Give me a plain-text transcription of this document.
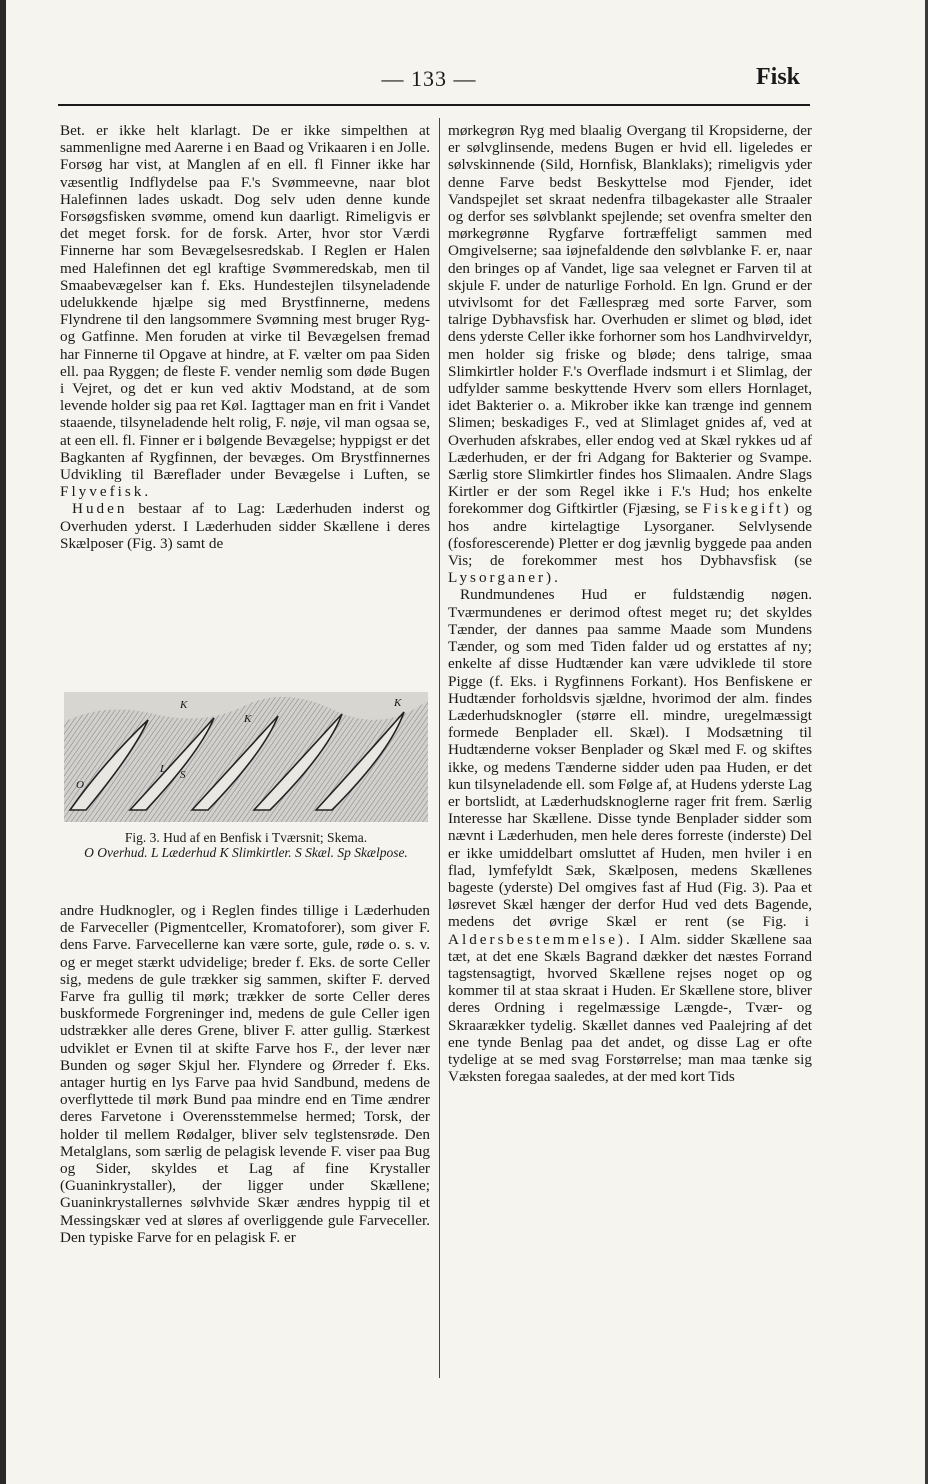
— 133 —	Fisk

Bet. er ikke helt klarlagt. De er ikke simpelthen at sammenligne med Aarerne i en Baad og Vrikaaren i en Jolle. Forsøg har vist, at Manglen af en ell. fl Finner ikke har væsentlig Indflydelse paa F.'s Svømmeevne, naar blot Halefinnen lades uskadt. Dog selv uden denne kunde Forsøgsfisken svømme, omend kun daarligt. Rimeligvis er det meget forsk. for de forsk. Arter, hvor stor Værdi Finnerne har som Bevægelsesredskab. I Reglen er Halen med Halefinnen det egl kraftige Svømmeredskab, men til Smaabevægelser kan f. Eks. Hundestejlen tilsyneladende udelukkende hjælpe sig med Brystfinnerne, medens Flyndrene til den langsommere Svømning mest bruger Ryg- og Gatfinne. Men foruden at virke til Bevægelsen fremad har Finnerne til Opgave at hindre, at F. vælter om paa Siden ell. paa Ryggen; de fleste F. vender nemlig som døde Bugen i Vejret, og det er kun ved aktiv Modstand, at de som levende holder sig paa ret Køl. Iagttager man en frit i Vandet staaende, tilsyneladende helt rolig, F. nøje, vil man ogsaa se, at een ell. fl. Finner er i bølgende Bevægelse; hyppigst er det Bagkanten af Rygfinnen, der bevæges. Om Brystfinnernes Udvikling til Bæreflader under Bevægelse i Luften, se Flyvefisk.

Huden bestaar af to Lag: Læderhuden inderst og Overhuden yderst. I Læderhuden sidder Skællene i deres Skælposer (Fig. 3) samt de

K
K
K
O
L S
Fig. 3. Hud af en Benfisk i Tværsnit; Skema.
O Overhud. L Læderhud K Slimkirtler. S Skæl. Sp Skælpose.

andre Hudknogler, og i Reglen findes tillige i Læderhuden de Farveceller (Pigmentceller, Kromatoforer), som giver F. dens Farve. Farvecellerne kan være sorte, gule, røde o. s. v. og er meget stærkt udvidelige; breder f. Eks. de sorte Celler sig, medens de gule trækker sig sammen, skifter F. derved Farve fra gullig til mørk; trækker de sorte Celler deres buskformede Forgreninger ind, medens de gule Celler igen udstrækker alle deres Grene, bliver F. atter gullig. Stærkest udviklet er Evnen til at skifte Farve hos F., der lever nær Bunden og søger Skjul her. Flyndere og Ørreder f. Eks. antager hurtig en lys Farve paa hvid Sandbund, medens de overflyttede til mørk Bund paa mindre end en Time ændrer deres Farvetone i Overensstemmelse hermed; Torsk, der holder til mellem Rødalger, bliver selv teglstensrøde. Den Metalglans, som særlig de pelagisk levende F. viser paa Bug og Sider, skyldes et Lag af fine Krystaller (Guaninkrystaller), der ligger under Skællene; Guaninkrystallernes sølvhvide Skær ændres hyppig til et Messingskær ved at sløres af overliggende gule Farveceller. Den typiske Farve for en pelagisk F. er

mørkegrøn Ryg med blaalig Overgang til Kropsiderne, der er sølvglinsende, medens Bugen er hvid ell. ligeledes er sølvskinnende (Sild, Hornfisk, Blanklaks); rimeligvis yder denne Farve bedst Beskyttelse mod Fjender, idet Vandspejlet set skraat nedenfra tilbagekaster alle Straaler og derfor ses sølvblankt spejlende; set ovenfra smelter den mørkegrønne Rygfarve fortræffeligt sammen med Omgivelserne; saa iøjnefaldende den sølvblanke F. er, naar den bringes op af Vandet, lige saa velegnet er Farven til at skjule F. under de naturlige Forhold. En lgn. Grund er der utvivlsomt for det Fællespræg med sorte Farver, som talrige Dybhavsfisk har. Overhuden er slimet og blød, idet dens yderste Celler ikke forhorner som hos Landhvirveldyr, men holder sig friske og bløde; dens talrige, smaa Slimkirtler holder F.'s Overflade indsmurt i et Slimlag, der udfylder samme beskyttende Hverv som ellers Hornlaget, idet Bakterier o. a. Mikrober ikke kan trænge ind gennem Slimen; beskadiges F., ved at Slimlaget gnides af, ved at Overhuden afskrabes, eller endog ved at Skæl rykkes ud af Læderhuden, er der fri Adgang for Bakterier og Svampe. Særlig store Slimkirtler findes hos Slimaalen. Andre Slags Kirtler er der som Regel ikke i F.'s Hud; hos enkelte forekommer dog Giftkirtler (Fjæsing, se Fiskegift) og hos andre kirtelagtige Lysorganer. Selvlysende (fosforescerende) Pletter er dog jævnlig byggede paa anden Vis; de forekommer mest hos Dybhavsfisk (se Lysorganer).

Rundmundenes Hud er fuldstændig nøgen. Tværmundenes er derimod oftest meget ru; det skyldes Tænder, der dannes paa samme Maade som Mundens Tænder, og som med Tiden falder ud og erstattes af ny; enkelte af disse Hudtænder kan være udviklede til store Pigge (f. Eks. i Rygfinnens Forkant). Hos Benfiskene er Hudtænder forholdsvis sjældne, hvorimod der alm. findes Læderhudsknogler (større ell. mindre, uregelmæssigt formede Benplader ell. Skæl). I Modsætning til Hudtænderne vokser Benplader og Skæl med F. og skiftes ikke, og medens Tænderne sidder uden paa Huden, er det kun tilsyneladende ell. som Følge af, at Hudens yderste Lag er bortslidt, at Læderhudsknoglerne rager frit frem. Særlig Interesse har Skællene. Disse tynde Benplader sidder som nævnt i Læderhuden, men hele deres forreste (inderste) Del er ikke umiddelbart omsluttet af Huden, men hviler i en flad, lymfefyldt Sæk, Skælposen, medens Skællenes bageste (yderste) Del omgives fast af Hud (Fig. 3). Paa et løsrevet Skæl hænger der derfor Hud ved dets Bagende, medens det øvrige Skæl er rent (se Fig. i Aldersbestemmelse). I Alm. sidder Skællene saa tæt, at det ene Skæls Bagrand dækker det næstes Forrand tagstensagtigt, hvorved Skællene rejses noget op og kommer til at staa skraat i Huden. Er Skællene store, bliver deres Ordning i regelmæssige Længde-, Tvær- og Skraarækker tydelig. Skællet dannes ved Paalejring af det ene tynde Benlag paa det andet, og disse Lag er ofte tydelige at se med svag Forstørrelse; man maa tænke sig Væksten foregaa saaledes, at der med kort Tids
